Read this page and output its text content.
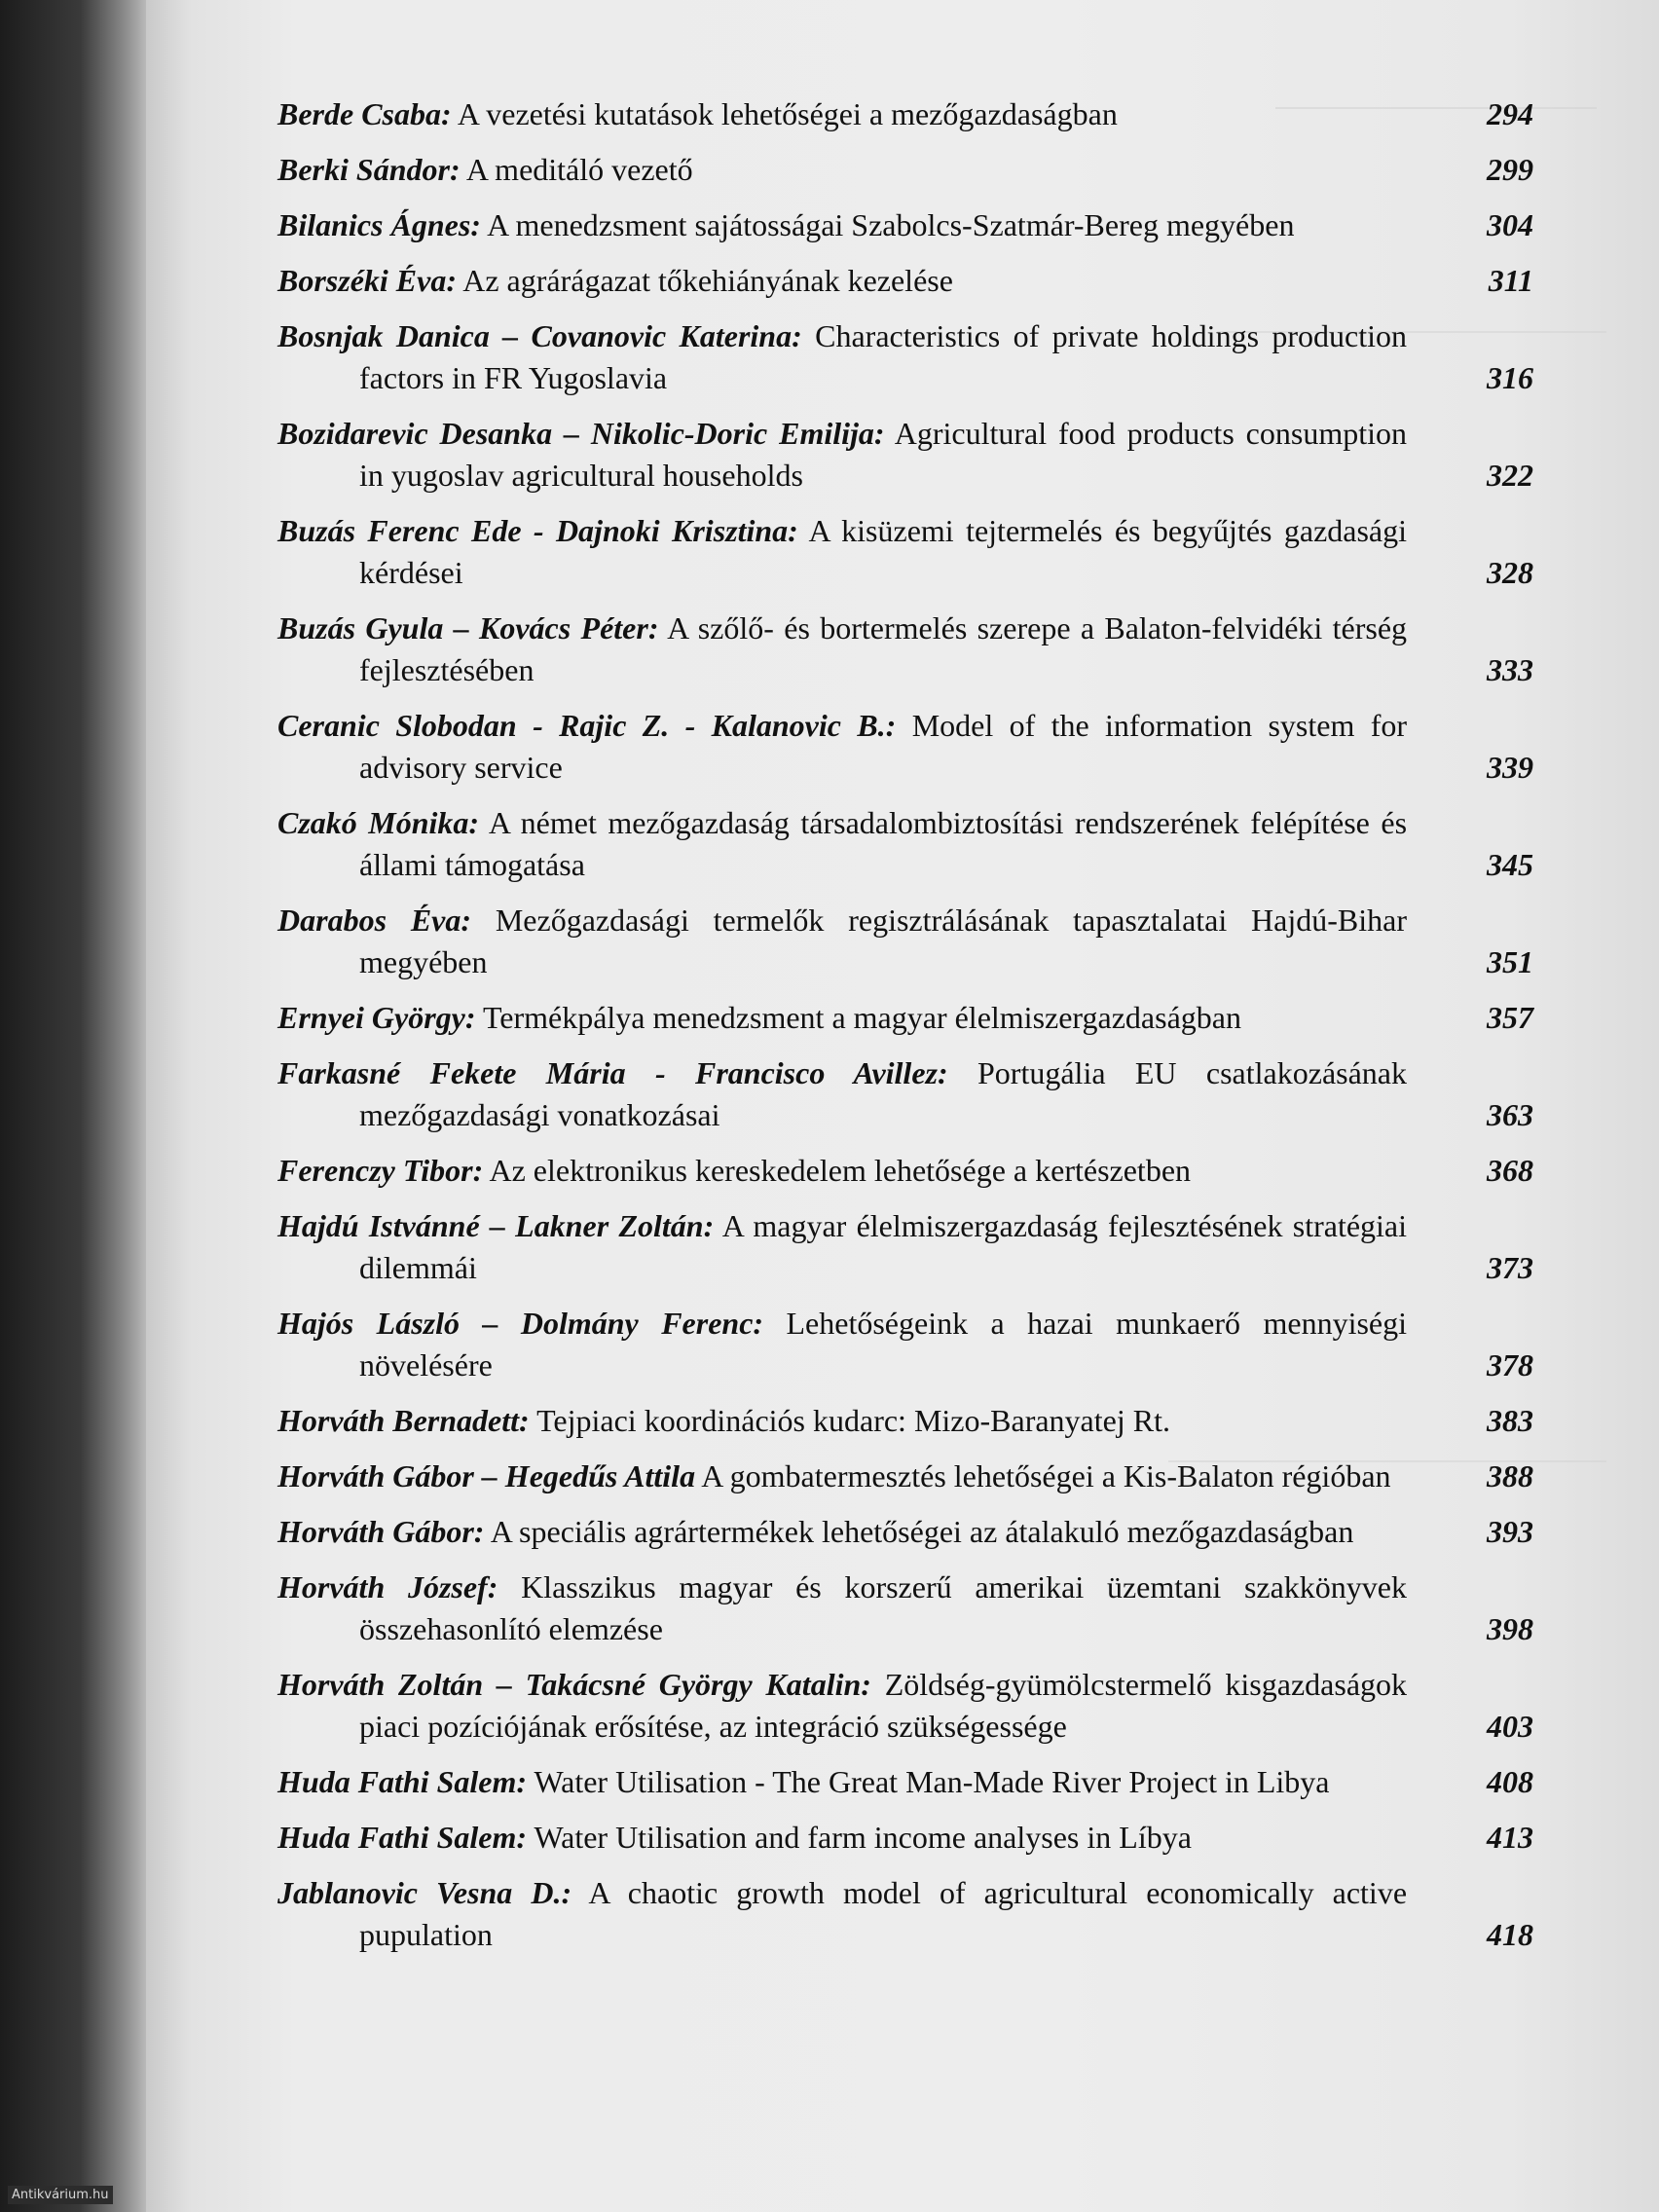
Berde Csaba: A vezetési kutatások lehetőségei a mezőgazdaságban	294
Berki Sándor: A meditáló vezető	299
Bilanics Ágnes: A menedzsment sajátosságai Szabolcs-Szatmár-Bereg megyében	304
Borszéki Éva: Az agrárágazat tőkehiányának kezelése	311
Bosnjak Danica – Covanovic Katerina: Characteristics of private holdings production factors in FR Yugoslavia	316
Bozidarevic Desanka – Nikolic-Doric Emilija: Agricultural food products consumption in yugoslav agricultural households	322
Buzás Ferenc Ede - Dajnoki Krisztina: A kisüzemi tejtermelés és begyűjtés gazdasági kérdései	328
Buzás Gyula – Kovács Péter: A szőlő- és bortermelés szerepe a Balaton-felvidéki térség fejlesztésében	333
Ceranic Slobodan - Rajic Z. - Kalanovic B.: Model of the information system for advisory service	339
Czakó Mónika: A német mezőgazdaság társadalombiztosítási rendszerének felépítése és állami támogatása	345
Darabos Éva: Mezőgazdasági termelők regisztrálásának tapasztalatai Hajdú-Bihar megyében	351
Ernyei György: Termékpálya menedzsment a magyar élelmiszergazdaságban	357
Farkasné Fekete Mária - Francisco Avillez: Portugália EU csatlakozásának mezőgazdasági vonatkozásai	363
Ferenczy Tibor: Az elektronikus kereskedelem lehetősége a kertészetben	368
Hajdú Istvánné – Lakner Zoltán: A magyar élelmiszergazdaság fejlesztésének stratégiai dilemmái	373
Hajós László – Dolmány Ferenc: Lehetőségeink a hazai munkaerő mennyiségi növelésére	378
Horváth Bernadett: Tejpiaci koordinációs kudarc: Mizo-Baranyatej Rt.	383
Horváth Gábor – Hegedűs Attila A gombatermesztés lehetőségei a Kis-Balaton régióban	388
Horváth Gábor: A speciális agrártermékek lehetőségei az átalakuló mezőgazdaságban	393
Horváth József: Klasszikus magyar és korszerű amerikai üzemtani szakkönyvek összehasonlító elemzése	398
Horváth Zoltán – Takácsné György Katalin: Zöldség-gyümölcstermelő kisgazdaságok piaci pozíciójának erősítése, az integráció szükségessége	403
Huda Fathi Salem: Water Utilisation - The Great Man-Made River Project in Libya	408
Huda Fathi Salem: Water Utilisation and farm income analyses in Líbya	413
Jablanovic Vesna D.: A chaotic growth model of agricultural economically active pupulation	418
Antikvárium.hu
